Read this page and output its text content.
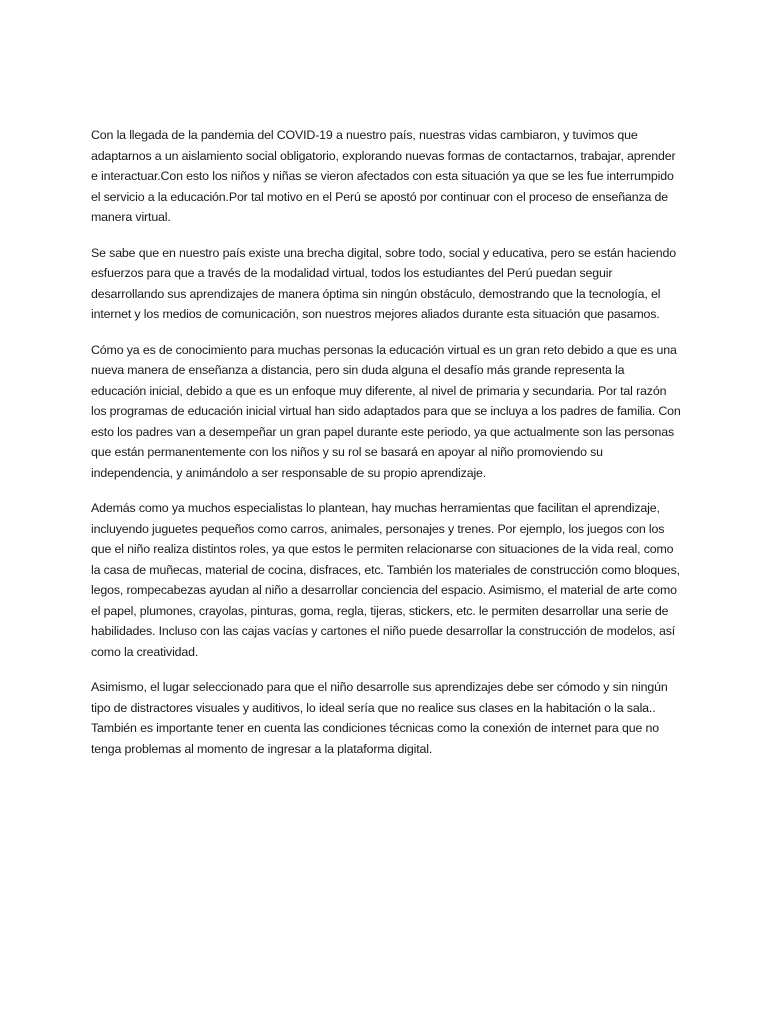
Con la llegada de la pandemia del COVID-19 a nuestro país, nuestras vidas cambiaron, y tuvimos que adaptarnos a un aislamiento social obligatorio, explorando nuevas formas de contactarnos, trabajar, aprender e interactuar.Con esto los niños y niñas se vieron afectados con esta situación ya que se les fue interrumpido el servicio a la educación.Por tal motivo en el Perú se apostó por continuar con el proceso de enseñanza de manera virtual.

Se sabe que en nuestro país existe una brecha digital, sobre todo, social y educativa, pero se están haciendo esfuerzos para que a través de la modalidad virtual, todos los estudiantes del Perú puedan seguir desarrollando sus aprendizajes de manera óptima sin ningún obstáculo, demostrando que la tecnología, el internet y los medios de comunicación, son nuestros mejores aliados durante esta situación que pasamos.

Cómo ya es de conocimiento para muchas personas la educación virtual es un gran reto debido a que es una nueva manera de enseñanza a distancia, pero sin duda alguna el desafío más grande representa la educación inicial, debido a que es un enfoque muy diferente, al nivel de primaria y secundaria. Por tal razón los programas de educación inicial virtual han sido adaptados para que se incluya a los padres de familia. Con esto los padres van a desempeñar un gran papel durante este periodo, ya que actualmente son las personas que están permanentemente con los niños y su rol se basará en apoyar al niño promoviendo su independencia, y animándolo a ser responsable de su propio aprendizaje.

Además como ya muchos especialistas lo plantean, hay muchas herramientas que facilitan el aprendizaje, incluyendo juguetes pequeños como carros, animales, personajes y trenes. Por ejemplo, los juegos con los que el niño realiza distintos roles, ya que estos le permiten relacionarse con situaciones de la vida real, como la casa de muñecas, material de cocina, disfraces, etc. También los materiales de construcción como bloques, legos, rompecabezas ayudan al niño a desarrollar conciencia del espacio. Asimismo, el material de arte como el papel, plumones, crayolas, pinturas, goma, regla, tijeras, stickers, etc. le permiten desarrollar una serie de habilidades. Incluso con las cajas vacías y cartones el niño puede desarrollar la construcción de modelos, así como la creatividad.

Asimismo, el lugar seleccionado para que el niño desarrolle sus aprendizajes debe ser cómodo y sin ningún tipo de distractores visuales y auditivos, lo ideal sería que no realice sus clases en la habitación o la sala.. También es importante tener en cuenta las condiciones técnicas como la conexión de internet para que no tenga problemas al momento de ingresar a la plataforma digital.
